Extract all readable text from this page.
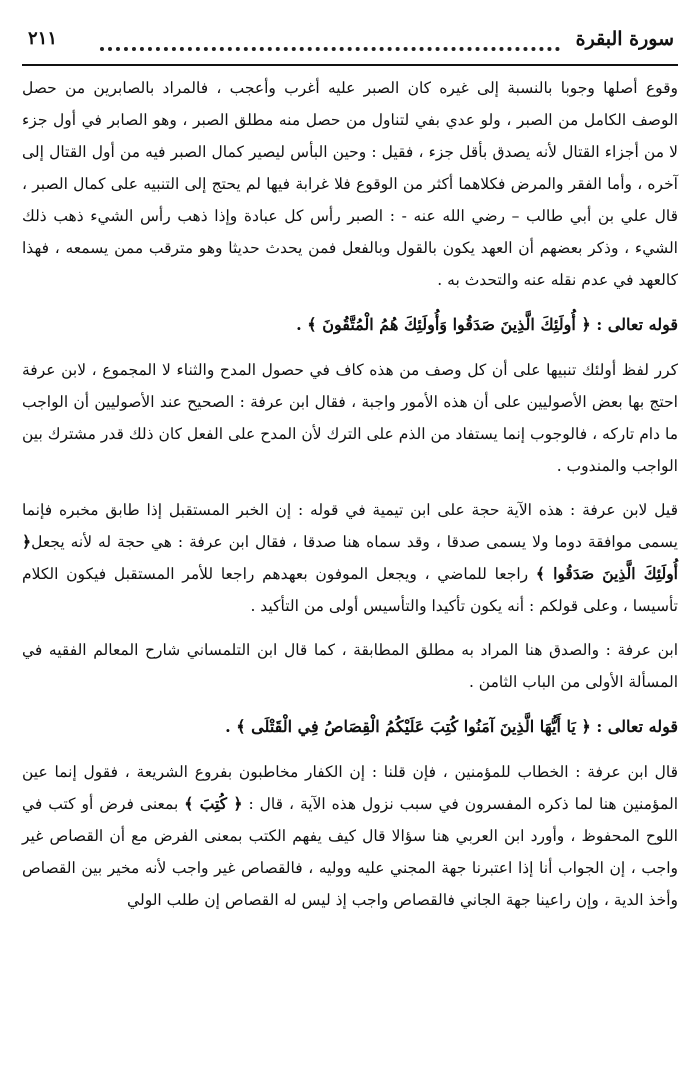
سورة البقرة
٢١١

وقوع أصلها وجوبا بالنسبة إلى غيره كان الصبر عليه أغرب وأعجب ، فالمراد بالصابرين من حصل الوصف الكامل من الصبر ، ولو عدي بفي لتناول من حصل منه مطلق الصبر ، وهو الصابر في أول جزء لا من أجزاء القتال لأنه يصدق بأقل جزء ، فقيل : وحين البأس ليصير كمال الصبر فيه من أول القتال إلى آخره ، وأما الفقر والمرض فكلاهما أكثر من الوقوع فلا غرابة فيها لم يحتج إلى التنبيه على كمال الصبر ، قال علي بن أبي طالب – رضي الله عنه - : الصبر رأس كل عبادة وإذا ذهب رأس الشيء ذهب ذلك الشيء ، وذكر بعضهم أن العهد يكون بالقول وبالفعل فمن يحدث حديثا وهو مترقب ممن يسمعه ، فهذا كالعهد في عدم نقله عنه والتحدث به .

قوله تعالى : ﴿ أُولَئِكَ الَّذِينَ صَدَقُوا وَأُولَئِكَ هُمُ الْمُتَّقُونَ ﴾ .

كرر لفظ أولئك تنبيها على أن كل وصف من هذه كاف في حصول المدح والثناء لا المجموع ، لابن عرفة احتج بها بعض الأصوليين على أن هذه الأمور واجبة ، فقال ابن عرفة : الصحيح عند الأصوليين أن الواجب ما دام تاركه ، فالوجوب إنما يستفاد من الذم على الترك لأن المدح على الفعل كان ذلك قدر مشترك بين الواجب والمندوب .

قيل لابن عرفة : هذه الآية حجة على ابن تيمية في قوله : إن الخبر المستقبل إذا طابق مخبره فإنما يسمى موافقة دوما ولا يسمى صدقا ، وقد سماه هنا صدقا ، فقال ابن عرفة : هي حجة له لأنه يجعل﴿ أُولَئِكَ الَّذِينَ صَدَقُوا ﴾ راجعا للماضي ، ويجعل الموفون بعهدهم راجعا للأمر المستقبل فيكون الكلام تأسيسا ، وعلى قولكم : أنه يكون تأكيدا والتأسيس أولى من التأكيد .

ابن عرفة : والصدق هنا المراد به مطلق المطابقة ، كما قال ابن التلمساني شارح المعالم الفقيه في المسألة الأولى من الباب الثامن .

قوله تعالى : ﴿ يَا أَيُّهَا الَّذِينَ آمَنُوا كُتِبَ عَلَيْكُمُ الْقِصَاصُ فِي الْقَتْلَى ﴾ .

قال ابن عرفة : الخطاب للمؤمنين ، فإن قلنا : إن الكفار مخاطبون بفروع الشريعة ، فقول إنما عين المؤمنين هنا لما ذكره المفسرون في سبب نزول هذه الآية ، قال : ﴿ كُتِبَ ﴾ بمعنى فرض أو كتب في اللوح المحفوظ ، وأورد ابن العربي هنا سؤالا قال كيف يفهم الكتب بمعنى الفرض مع أن القصاص غير واجب ، إن الجواب أنا إذا اعتبرنا جهة المجني عليه ووليه ، فالقصاص غير واجب لأنه مخير بين القصاص وأخذ الدية ، وإن راعينا جهة الجاني فالقصاص واجب إذ ليس له القصاص إن طلب الولي
